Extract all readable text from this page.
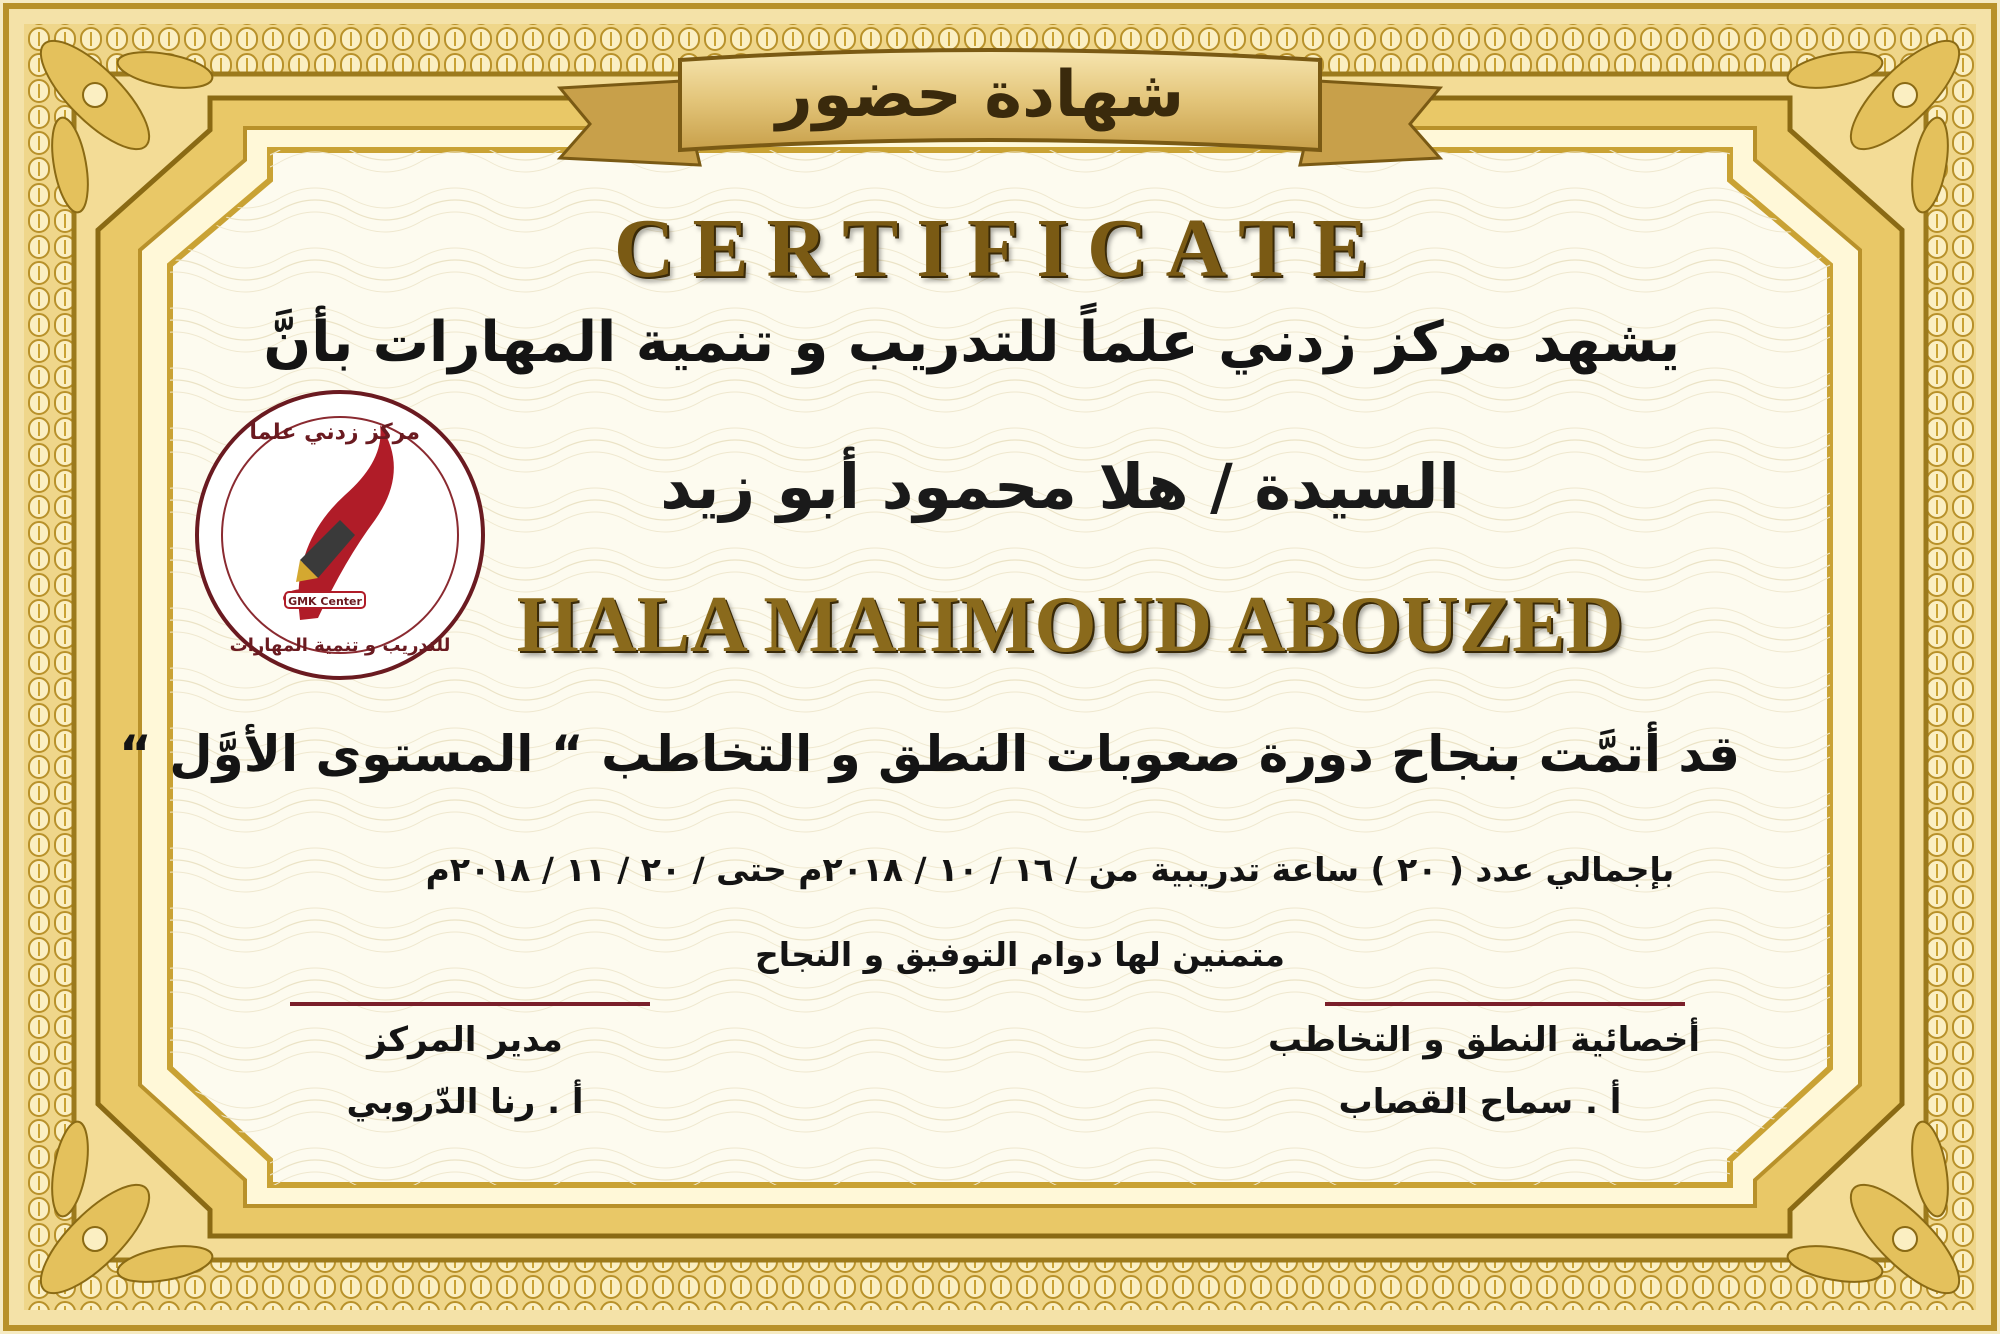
GMK Center
شهادة حضور
CERTIFICATE
يشهد مركز زدني علماً للتدريب و تنمية المهارات بأنَّ
السيدة / هلا محمود أبو زيد
HALA MAHMOUD ABOUZED
قد أتمَّت بنجاح دورة صعوبات النطق و التخاطب “ المستوى الأوَّل “
بإجمالي عدد ( ٢٠ ) ساعة تدريبية من / ١٦ / ١٠ / ٢٠١٨م حتى / ٢٠ / ١١ / ٢٠١٨م
متمنين لها دوام التوفيق و النجاح
مركز زدني علما
للتدريب و تنمية المهارات
مدير المركز
أ . رنا الدّروبي
أخصائية النطق و التخاطب
أ . سماح القصاب
